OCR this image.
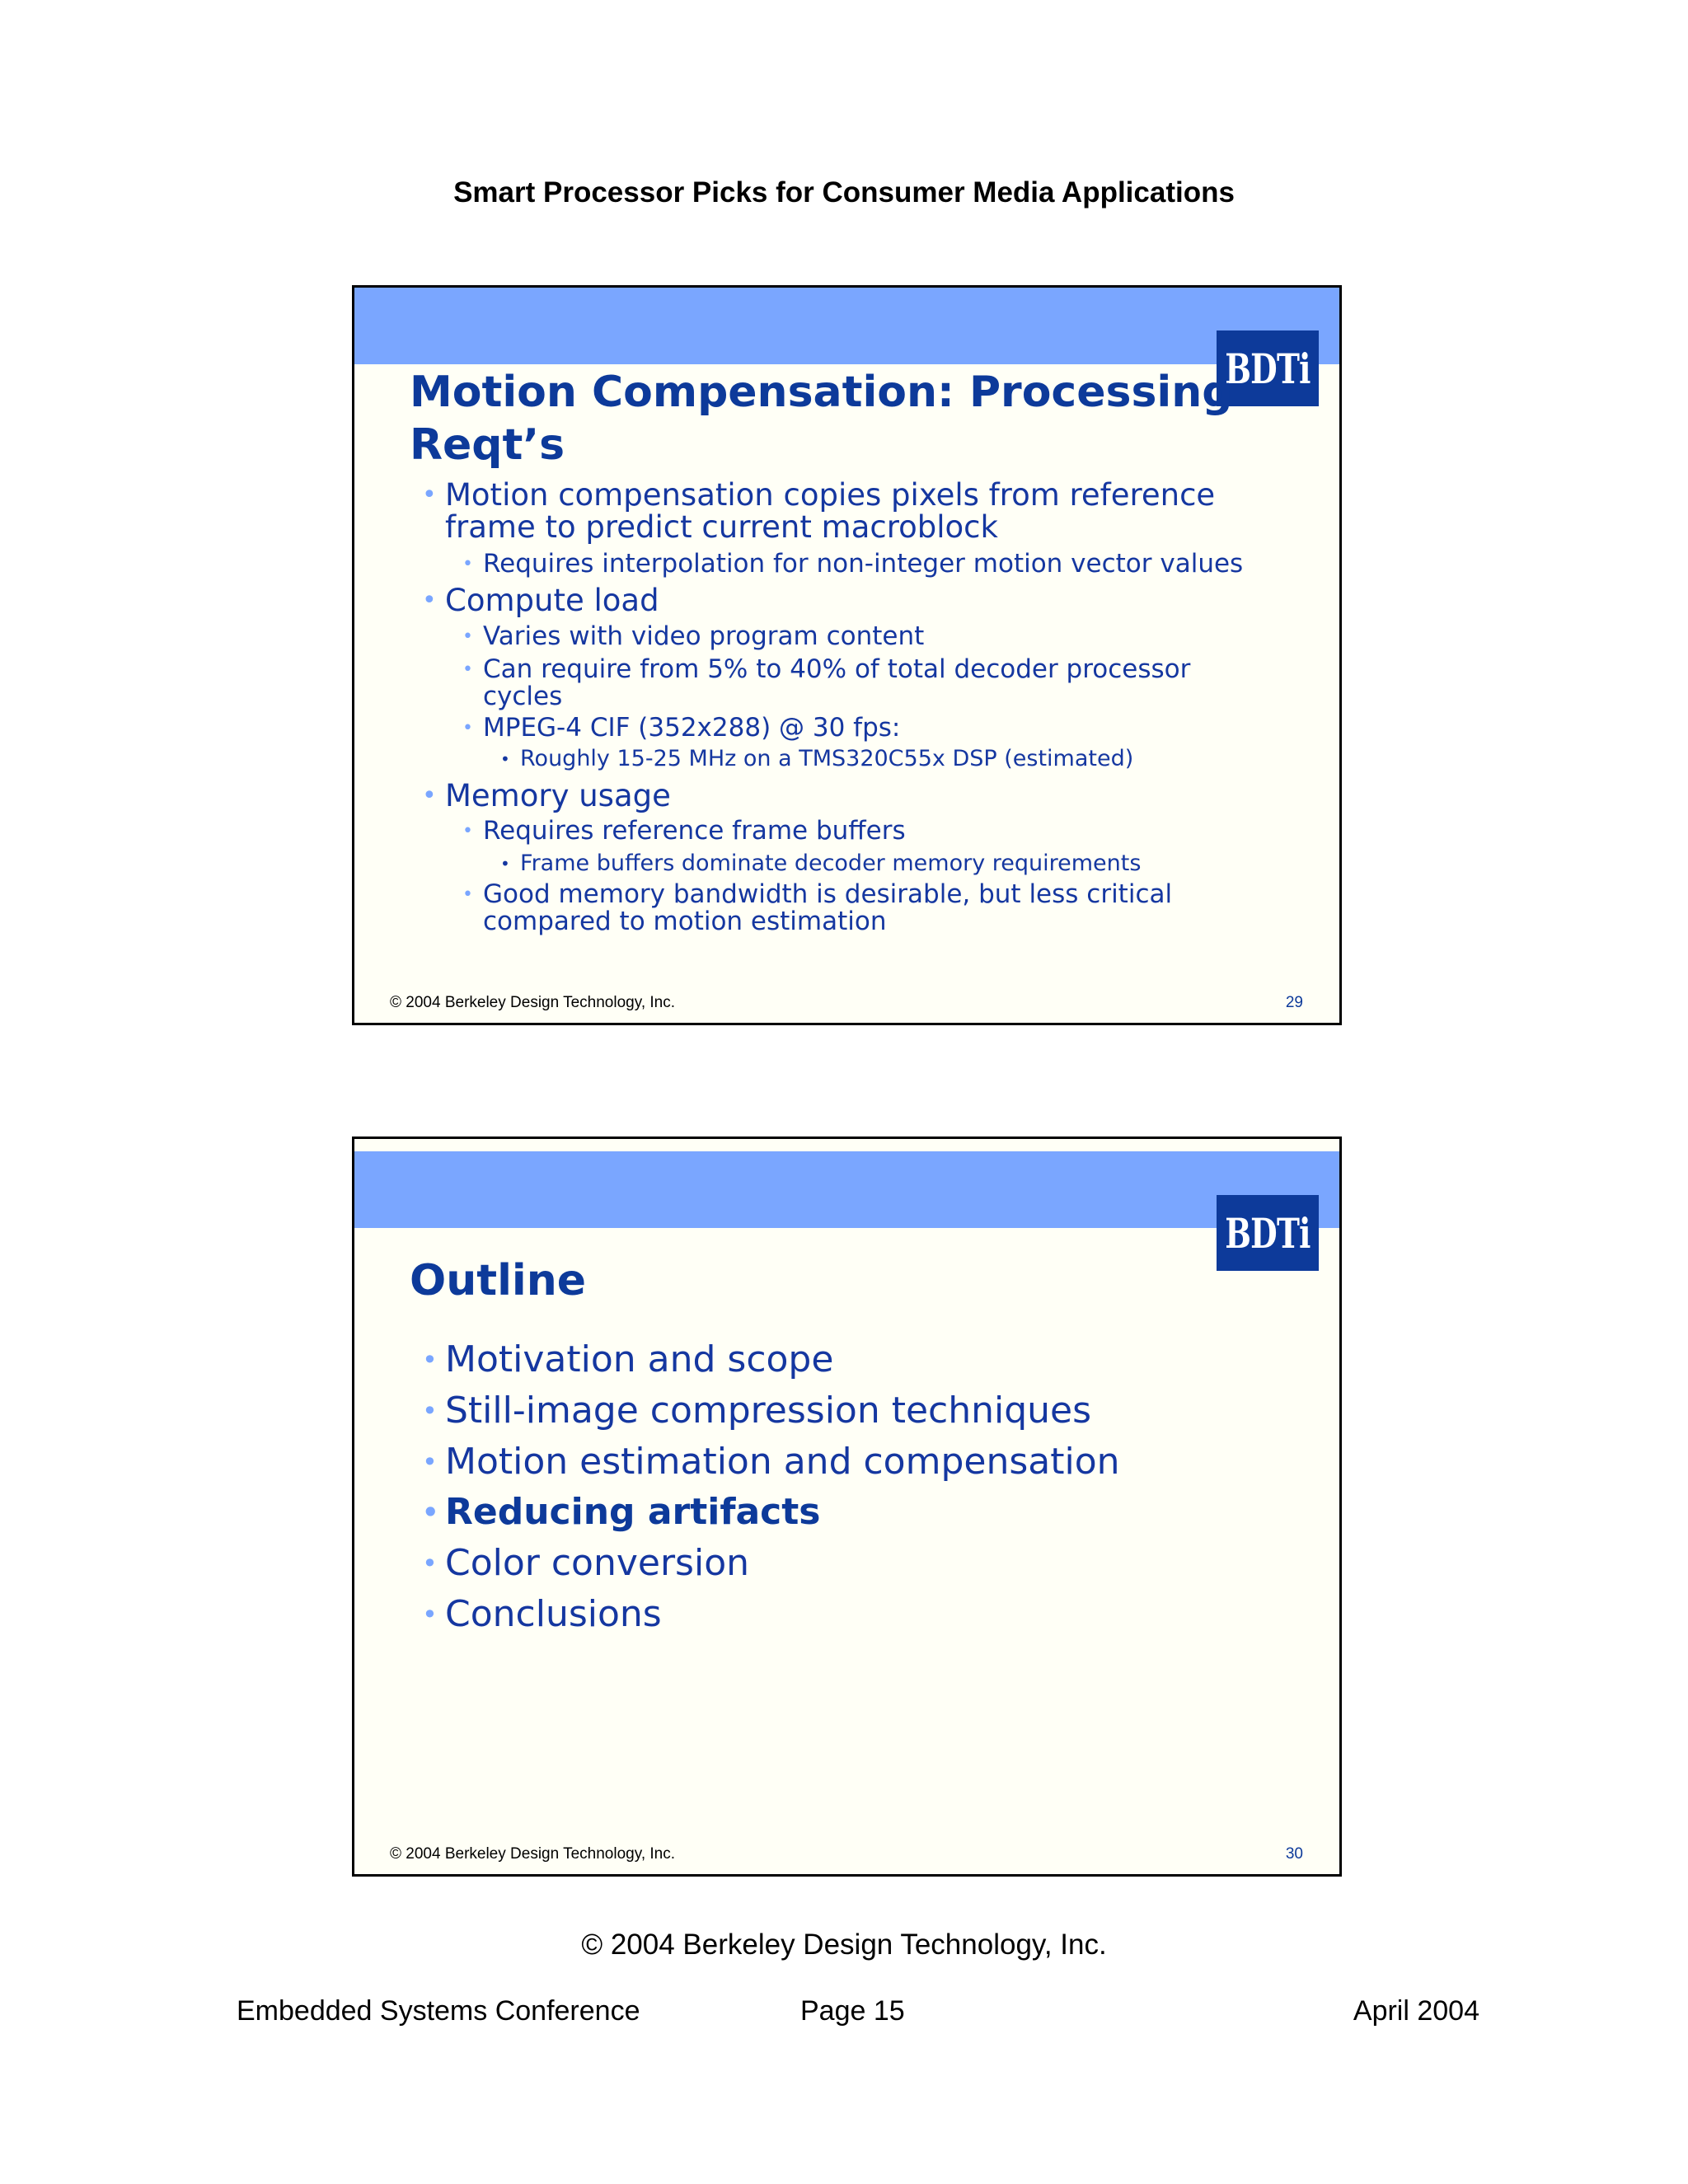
Smart Processor Picks for Consumer Media Applications
BDTi
Motion Compensation: Processing Reqt’s
• Motion compensation copies pixels from reference
frame to predict current macroblock
• Requires interpolation for non-integer motion vector values
• Compute load
• Varies with video program content
• Can require from 5% to 40% of total decoder processor
cycles
• MPEG-4 CIF (352x288) @ 30 fps:
• Roughly 15-25 MHz on a TMS320C55x DSP (estimated)
• Memory usage
• Requires reference frame buffers
• Frame buffers dominate decoder memory requirements
• Good memory bandwidth is desirable, but less critical
compared to motion estimation
© 2004 Berkeley Design Technology, Inc.	29
BDTi
Outline
• Motivation and scope
• Still-image compression techniques
• Motion estimation and compensation
• Reducing artifacts
• Color conversion
• Conclusions
© 2004 Berkeley Design Technology, Inc.	30
© 2004 Berkeley Design Technology, Inc.
Embedded Systems Conference	Page 15	April 2004
